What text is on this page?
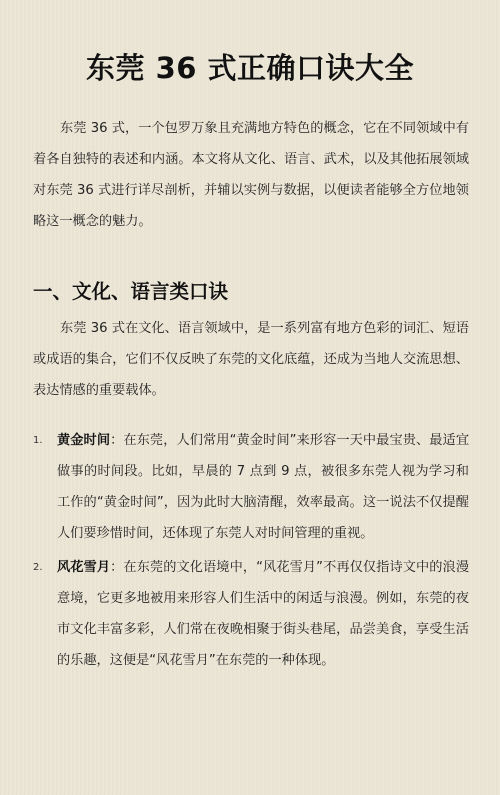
东莞 36 式正确口诀大全

东莞 36 式，一个包罗万象且充满地方特色的概念，它在不同领域中有着各自独特的表述和内涵。本文将从文化、语言、武术，以及其他拓展领域对东莞 36 式进行详尽剖析，并辅以实例与数据，以便读者能够全方位地领略这一概念的魅力。

一、文化、语言类口诀

东莞 36 式在文化、语言领域中，是一系列富有地方色彩的词汇、短语或成语的集合，它们不仅反映了东莞的文化底蕴，还成为当地人交流思想、表达情感的重要载体。

1. 黄金时间：在东莞，人们常用“黄金时间”来形容一天中最宝贵、最适宜做事的时间段。比如，早晨的 7 点到 9 点，被很多东莞人视为学习和工作的“黄金时间”，因为此时大脑清醒，效率最高。这一说法不仅提醒人们要珍惜时间，还体现了东莞人对时间管理的重视。
2. 风花雪月：在东莞的文化语境中，“风花雪月”不再仅仅指诗文中的浪漫意境，它更多地被用来形容人们生活中的闲适与浪漫。例如，东莞的夜市文化丰富多彩，人们常在夜晚相聚于街头巷尾，品尝美食，享受生活的乐趣，这便是“风花雪月”在东莞的一种体现。
